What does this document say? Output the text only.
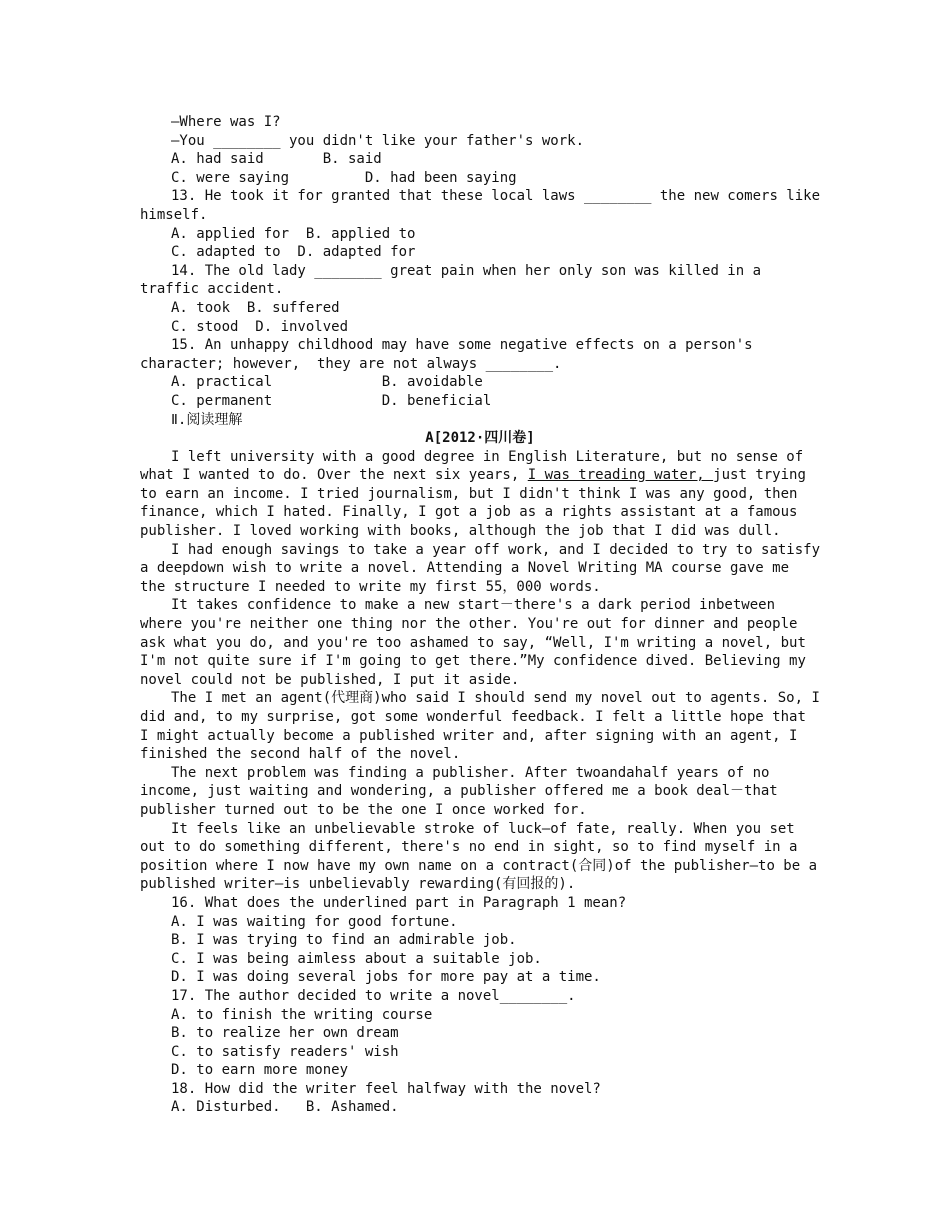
—Where was I?

—You ________ you didn't like your father's work.

A. had said       B. said

C. were saying         D. had been saying

13. He took it for granted that these local laws ________ the new comers like himself.

A. applied for  B. applied to

C. adapted to  D. adapted for

14. The old lady ________ great pain when her only son was killed in a traffic accident.

A. took  B. suffered

C. stood  D. involved

15. An unhappy childhood may have some negative effects on a person's character; however,  they are not always ________.

A. practical             B. avoidable

C. permanent             D. beneficial

Ⅱ.阅读理解

A[2012·四川卷]

I left university with a good degree in English Literature, but no sense of what I wanted to do. Over the next six years, I was treading water, just trying to earn an income. I tried journalism, but I didn't think I was any good, then finance, which I hated. Finally, I got a job as a rights assistant at a famous publisher. I loved working with books, although the job that I did was dull.

I had enough savings to take a year off work, and I decided to try to satisfy a deepdown wish to write a novel. Attending a Novel Writing MA course gave me the structure I needed to write my first 55，000 words.

It takes confidence to make a new start－there's a dark period inbetween where you're neither one thing nor the other. You're out for dinner and people ask what you do, and you're too ashamed to say, “Well, I'm writing a novel, but I'm not quite sure if I'm going to get there.”My confidence dived. Believing my novel could not be published, I put it aside.

The I met an agent(代理商)who said I should send my novel out to agents. So, I did and, to my surprise, got some wonderful feedback. I felt a little hope that I might actually become a published writer and, after signing with an agent, I finished the second half of the novel.

The next problem was finding a publisher. After twoandahalf years of no income, just waiting and wondering, a publisher offered me a book deal－that publisher turned out to be the one I once worked for.

It feels like an unbelievable stroke of luck—of fate, really. When you set out to do something different, there's no end in sight, so to find myself in a position where I now have my own name on a contract(合同)of the publisher—to be a published writer—is unbelievably rewarding(有回报的).

16. What does the underlined part in Paragraph 1 mean?

A. I was waiting for good fortune.

B. I was trying to find an admirable job.

C. I was being aimless about a suitable job.

D. I was doing several jobs for more pay at a time.

17. The author decided to write a novel________.

A. to finish the writing course

B. to realize her own dream

C. to satisfy readers' wish

D. to earn more money

18. How did the writer feel halfway with the novel?

A. Disturbed.   B. Ashamed.
